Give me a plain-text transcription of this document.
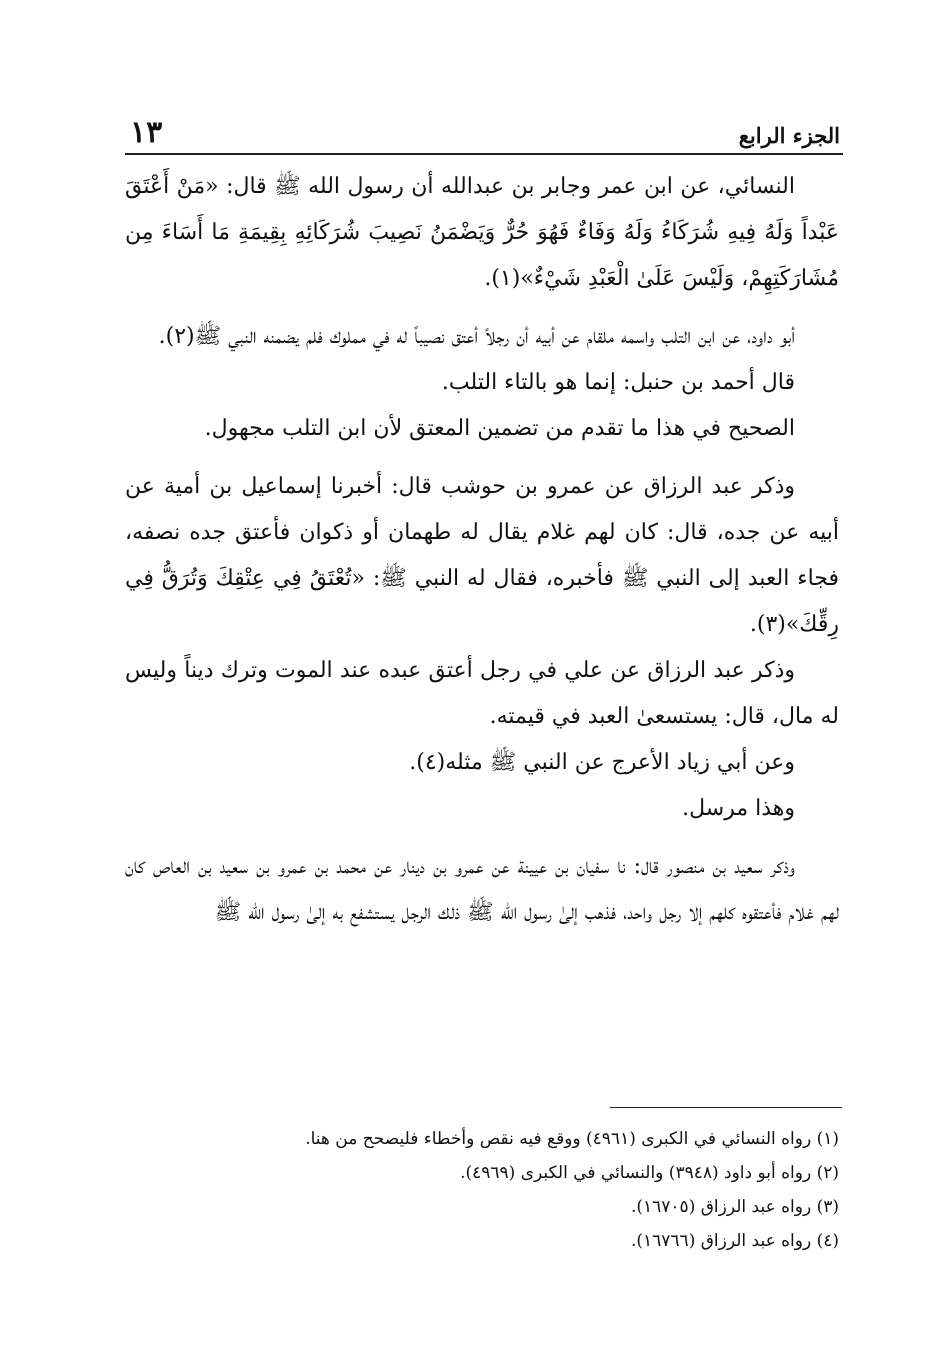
الجزء الرابع
١٣

النسائي، عن ابن عمر وجابر بن عبدالله أن رسول الله ﷺ قال: «مَنْ أَعْتَقَ عَبْداً وَلَهُ فِيهِ شُرَكَاءُ وَلَهُ وَفَاءٌ فَهُوَ حُرٌّ وَيَضْمَنُ نَصِيبَ شُرَكَائِهِ بِقِيمَةِ مَا أَسَاءَ مِن مُشَارَكَتِهِمْ، وَلَيْسَ عَلَىٰ الْعَبْدِ شَيْءٌ»(١).

أبو داود، عن ابن التلب واسمه ملقام عن أبيه أن رجلاً أعتق نصيباً له في مملوك فلم يضمنه النبي ﷺ(٢).

قال أحمد بن حنبل: إنما هو بالتاء التلب.

الصحيح في هذا ما تقدم من تضمين المعتق لأن ابن التلب مجهول.

وذكر عبد الرزاق عن عمرو بن حوشب قال: أخبرنا إسماعيل بن أمية عن أبيه عن جده، قال: كان لهم غلام يقال له طهمان أو ذكوان فأعتق جده نصفه، فجاء العبد إلى النبي ﷺ فأخبره، فقال له النبي ﷺ: «تُعْتَقُ فِي عِتْقِكَ وَتُرَقُّ فِي رِقِّكَ»(٣).

وذكر عبد الرزاق عن علي في رجل أعتق عبده عند الموت وترك ديناً وليس له مال، قال: يستسعىٰ العبد في قيمته.

وعن أبي زياد الأعرج عن النبي ﷺ مثله(٤).

وهذا مرسل.

وذكر سعيد بن منصور قال: نا سفيان بن عيينة عن عمرو بن دينار عن محمد بن عمرو بن سعيد بن العاص كان لهم غلام فأعتقوه كلهم إلا رجل واحد، فذهب إلىٰ رسول الله ﷺ ذلك الرجل يستشفع به إلىٰ رسول الله ﷺ

(١) رواه النسائي في الكبرى (٤٩٦١) ووقع فيه نقص وأخطاء فليصحح من هنا.

(٢) رواه أبو داود (٣٩٤٨) والنسائي في الكبرى (٤٩٦٩).

(٣) رواه عبد الرزاق (١٦٧٠٥).

(٤) رواه عبد الرزاق (١٦٧٦٦).
